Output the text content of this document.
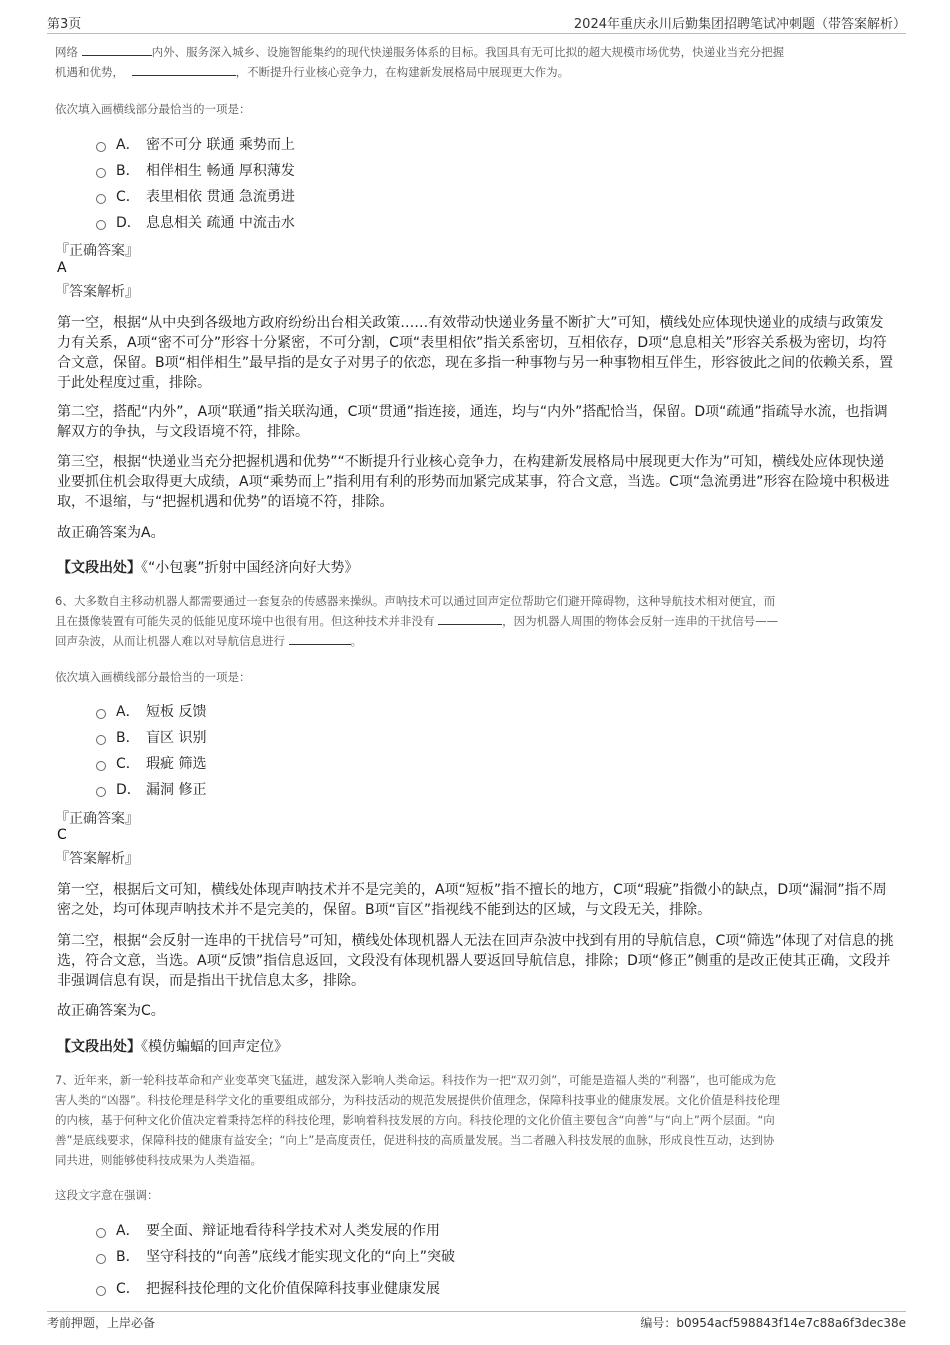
第3页	2024年重庆永川后勤集团招聘笔试冲刺题（带答案解析）
网络	内外、服务深入城乡、设施智能集约的现代快递服务体系的目标。我国具有无可比拟的超大规模市场优势，快递业当充分把握
机遇和优势，	，不断提升行业核心竞争力，在构建新发展格局中展现更大作为。
依次填入画横线部分最恰当的一项是：
A． 密不可分 联通 乘势而上
B． 相伴相生 畅通 厚积薄发
C． 表里相依 贯通 急流勇进
D． 息息相关 疏通 中流击水
『正确答案』
A
『答案解析』
第一空，根据“从中央到各级地方政府纷纷出台相关政策……有效带动快递业务量不断扩大”可知，横线处应体现快递业的成绩与政策发力有关系，A项“密不可分”形容十分紧密，不可分割，C项“表里相依”指关系密切，互相依存，D项“息息相关”形容关系极为密切，均符合文意，保留。B项“相伴相生”最早指的是女子对男子的依恋，现在多指一种事物与另一种事物相互伴生，形容彼此之间的依赖关系，置于此处程度过重，排除。
第二空，搭配“内外”，A项“联通”指关联沟通，C项“贯通”指连接，通连，均与“内外”搭配恰当，保留。D项“疏通”指疏导水流，也指调解双方的争执，与文段语境不符，排除。
第三空，根据“快递业当充分把握机遇和优势”“不断提升行业核心竞争力，在构建新发展格局中展现更大作为”可知，横线处应体现快递业要抓住机会取得更大成绩，A项“乘势而上”指利用有利的形势而加紧完成某事，符合文意，当选。C项“急流勇进”形容在险境中积极进取，不退缩，与“把握机遇和优势”的语境不符，排除。
故正确答案为A。
【文段出处】《“小包裹”折射中国经济向好大势》
6、大多数自主移动机器人都需要通过一套复杂的传感器来操纵。声呐技术可以通过回声定位帮助它们避开障碍物，这种导航技术相对便宜，而
且在摄像装置有可能失灵的低能见度环境中也很有用。但这种技术并非没有	，因为机器人周围的物体会反射一连串的干扰信号——
回声杂波，从而让机器人难以对导航信息进行	。
依次填入画横线部分最恰当的一项是：
A． 短板 反馈
B． 盲区 识别
C． 瑕疵 筛选
D． 漏洞 修正
『正确答案』
C
『答案解析』
第一空，根据后文可知，横线处体现声呐技术并不是完美的，A项“短板”指不擅长的地方，C项“瑕疵”指微小的缺点，D项“漏洞”指不周密之处，均可体现声呐技术并不是完美的，保留。B项“盲区”指视线不能到达的区域，与文段无关，排除。
第二空，根据“会反射一连串的干扰信号”可知，横线处体现机器人无法在回声杂波中找到有用的导航信息，C项“筛选”体现了对信息的挑选，符合文意，当选。A项“反馈”指信息返回，文段没有体现机器人要返回导航信息，排除；D项“修正”侧重的是改正使其正确，文段并非强调信息有误，而是指出干扰信息太多，排除。
故正确答案为C。
【文段出处】《模仿蝙蝠的回声定位》
7、近年来，新一轮科技革命和产业变革突飞猛进，越发深入影响人类命运。科技作为一把“双刃剑”，可能是造福人类的“利器”，也可能成为危
害人类的“凶器”。科技伦理是科学文化的重要组成部分，为科技活动的规范发展提供价值理念，保障科技事业的健康发展。文化价值是科技伦理
的内核，基于何种文化价值决定着秉持怎样的科技伦理，影响着科技发展的方向。科技伦理的文化价值主要包含“向善”与“向上”两个层面。“向
善”是底线要求，保障科技的健康有益安全；“向上”是高度责任，促进科技的高质量发展。当二者融入科技发展的血脉，形成良性互动，达到协
同共进，则能够使科技成果为人类造福。
这段文字意在强调：
A． 要全面、辩证地看待科学技术对人类发展的作用
B． 坚守科技的“向善”底线才能实现文化的“向上”突破
C． 把握科技伦理的文化价值保障科技事业健康发展
考前押题，上岸必备	编号：b0954acf598843f14e7c88a6f3dec38e
